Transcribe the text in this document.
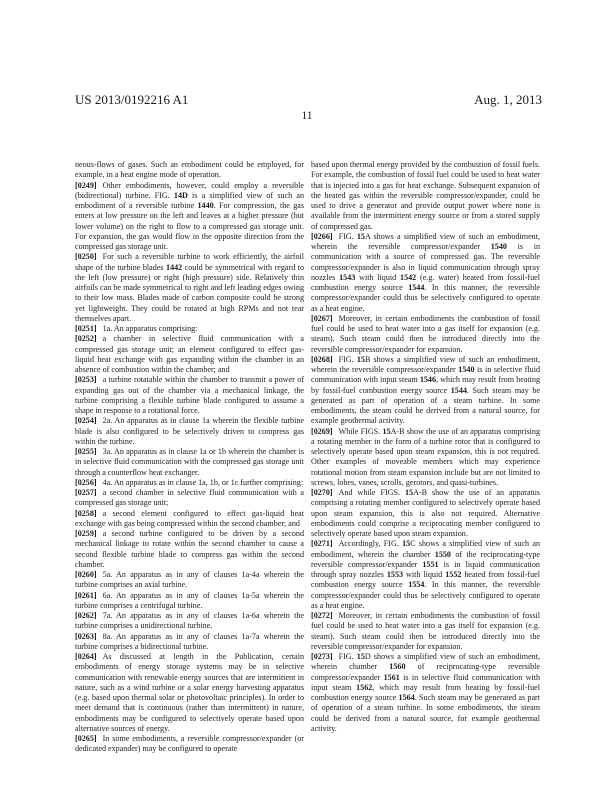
US 2013/0192216 A1	Aug. 1, 2013
11

neous-flows of gases. Such an embodiment could be employed, for example, in a heat engine mode of operation.

[0249] Other embodiments, however, could employ a reversible (bidirectional) turbine. FIG. 14D is a simplified view of such an embodiment of a reversible turbine 1440. For compression, the gas enters at low pressure on the left and leaves at a higher pressure (but lower volume) on the right to flow to a compressed gas storage unit. For expansion, the gas would flow in the opposite direction from the compressed gas storage unit.

[0250] For such a reversible turbine to work efficiently, the airfoil shape of the turbine blades 1442 could be symmetrical with regard to the left (low pressure) or right (high pressure) side. Relatively thin airfoils can be made symmetrical to right and left leading edges owing to their low mass. Blades made of carbon composite could be strong yet lightweight. They could be rotated at high RPMs and not tear themselves apart.

[0251] 1a. An apparatus comprising:

[0252] a chamber in selective fluid communication with a compressed gas storage unit; an element configured to effect gas-liquid heat exchange with gas expanding within the chamber in an absence of combustion within the chamber; and

[0253] a turbine rotatable within the chamber to transmit a power of expanding gas out of the chamber via a mechanical linkage, the turbine comprising a flexible turbine blade configured to assume a shape in response to a rotational force.

[0254] 2a. An apparatus as in clause 1a wherein the flexible turbine blade is also configured to be selectively driven to compress gas within the turbine.

[0255] 3a. An apparatus as in clause 1a or 1b wherein the chamber is in selective fluid communication with the compressed gas storage unit through a counterflow heat exchanger.

[0256] 4a. An apparatus as in clause 1a, 1b, or 1c further comprising:

[0257] a second chamber in selective fluid communication with a compressed gas storage unit;

[0258] a second element configured to effect gas-liquid heat exchange with gas being compressed within the second chamber; and

[0259] a second turbine configured to be driven by a second mechanical linkage to rotate within the second chamber to cause a second flexible turbine blade to compress gas within the second chamber.

[0260] 5a. An apparatus as in any of clauses 1a-4a wherein the turbine comprises an axial turbine.

[0261] 6a. An apparatus as in any of clauses 1a-5a wherein the turbine comprises a centrifugal turbine.

[0262] 7a. An apparatus as in any of clauses 1a-6a wherein the turbine comprises a unidirectional turbine.

[0263] 8a. An apparatus as in any of clauses 1a-7a wherein the turbine comprises a bidirectional turbine.

[0264] As discussed at length in the Publication, certain embodiments of energy storage systems may be in selective communication with renewable energy sources that are intermittent in nature, such as a wind turbine or a solar energy harvesting apparatus (e.g. based upon thermal solar or photovoltaic principles). In order to meet demand that is continuous (rather than intermittent) in nature, embodiments may be configured to selectively operate based upon alternative sources of energy.

[0265] In some embodiments, a reversible compressor/expander (or dedicated expander) may be configured to operate

based upon thermal energy provided by the combustion of fossil fuels. For example, the combustion of fossil fuel could be used to heat water that is injected into a gas for heat exchange. Subsequent expansion of the heated gas within the reversible compressor/expander, could be used to drive a generator and provide output power where none is available from the intermittent energy source or from a stored supply of compressed gas.

[0266] FIG. 15A shows a simplified view of such an embodiment, wherein the reversible compressor/expander 1540 is in communication with a source of compressed gas. The reversible compressor/expander is also in liquid communication through spray nozzles 1543 with liquid 1542 (e.g. water) heated from fossil-fuel combustion energy source 1544. In this manner, the reversible compressor/expander could thus be selectively configured to operate as a heat engine.

[0267] Moreover, in certain embodiments the combustion of fossil fuel could be used to heat water into a gas itself for expansion (e.g. steam). Such steam could then be introduced directly into the reversible compressor/expander for expansion.

[0268] FIG. 15B shows a simplified view of such an embodiment, wherein the reversible compressor/expander 1540 is in selective fluid communication with input steam 1546, which may result from heating by fossil-fuel combustion energy source 1544. Such steam may be generated as part of operation of a steam turbine. In some embodiments, the steam could be derived from a natural source, for example geothermal activity.

[0269] While FIGS. 15A-B show the use of an apparatus comprising a rotating member in the form of a turbine rotor that is configured to selectively operate based upon steam expansion, this is not required. Other examples of moveable members which may experience rotational motion from steam expansion include but are not limited to screws, lobes, vanes, scrolls, gerotors, and quasi-turbines.

[0270] And while FIGS. 15A-B show the use of an apparatus comprising a rotating member configured to selectively operate based upon steam expansion, this is also not required. Alternative embodiments could comprise a reciprocating member configured to selectively operate based upon steam expansion.

[0271] Accordingly, FIG. 15C shows a simplified view of such an embodiment, wherein the chamber 1550 of the reciprocating-type reversible compressor/expander 1551 is in liquid communication through spray nozzles 1553 with liquid 1552 heated from fossil-fuel combustion energy source 1554. In this manner, the reversible compressor/expander could thus be selectively configured to operate as a heat engine.

[0272] Moreover, in certain embodiments the combustion of fossil fuel could be used to heat water into a gas itself for expansion (e.g. steam). Such steam could then be introduced directly into the reversible compressor/expander for expansion.

[0273] FIG. 15D shows a simplified view of such an embodiment, wherein chamber 1560 of reciprocating-type reversible compressor/expander 1561 is in selective fluid communication with input steam 1562, which may result from heating by fossil-fuel combustion energy source 1564. Such steam may be generated as part of operation of a steam turbine. In some embodiments, the steam could be derived from a natural source, for example geothermal activity.
